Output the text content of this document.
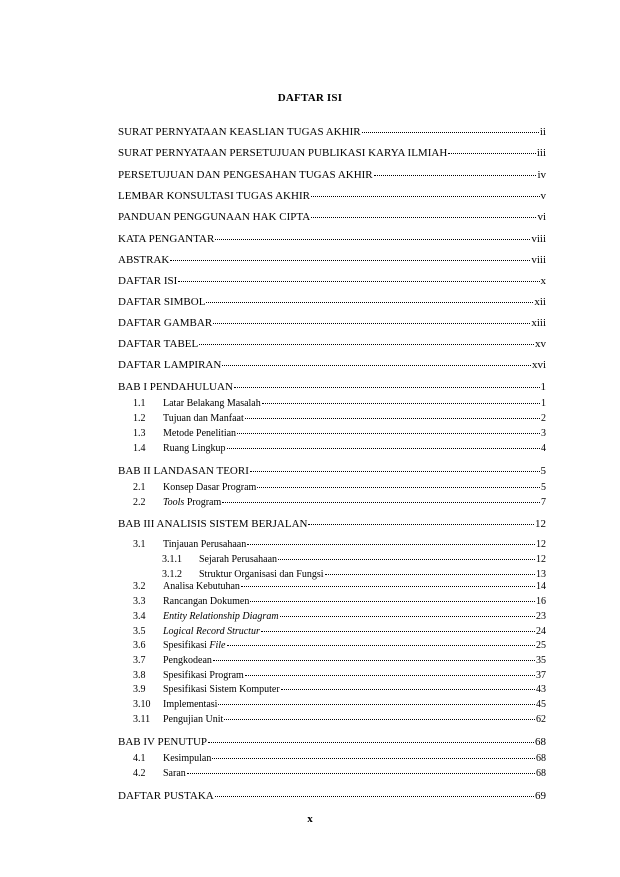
DAFTAR ISI
SURAT PERNYATAAN KEASLIAN TUGAS AKHIR	ii
SURAT PERNYATAAN PERSETUJUAN PUBLIKASI KARYA ILMIAH	iii
PERSETUJUAN DAN PENGESAHAN TUGAS AKHIR	iv
LEMBAR KONSULTASI TUGAS AKHIR	v
PANDUAN PENGGUNAAN HAK CIPTA	vi
KATA PENGANTAR	viii
ABSTRAK	viii
DAFTAR ISI	x
DAFTAR SIMBOL	xii
DAFTAR GAMBAR	xiii
DAFTAR TABEL	xv
DAFTAR LAMPIRAN	xvi
BAB I PENDAHULUAN	1
1.1	Latar Belakang Masalah	1
1.2	Tujuan dan Manfaat	2
1.3	Metode Penelitian	3
1.4	Ruang Lingkup	4
BAB II LANDASAN TEORI	5
2.1	Konsep Dasar Program	5
2.2	Tools Program	7
BAB III ANALISIS SISTEM BERJALAN	12
3.1	Tinjauan Perusahaan	12
3.1.1	Sejarah Perusahaan	12
3.1.2	Struktur Organisasi dan Fungsi	13
3.2	Analisa Kebutuhan	14
3.3	Rancangan Dokumen	16
3.4	Entity Relationship Diagram	23
3.5	Logical Record Structur	24
3.6	Spesifikasi File	25
3.7	Pengkodean	35
3.8	Spesifikasi Program	37
3.9	Spesifikasi Sistem Komputer	43
3.10	Implementasi	45
3.11	Pengujian Unit	62
BAB IV PENUTUP	68
4.1	Kesimpulan	68
4.2	Saran	68
DAFTAR PUSTAKA	69
x
